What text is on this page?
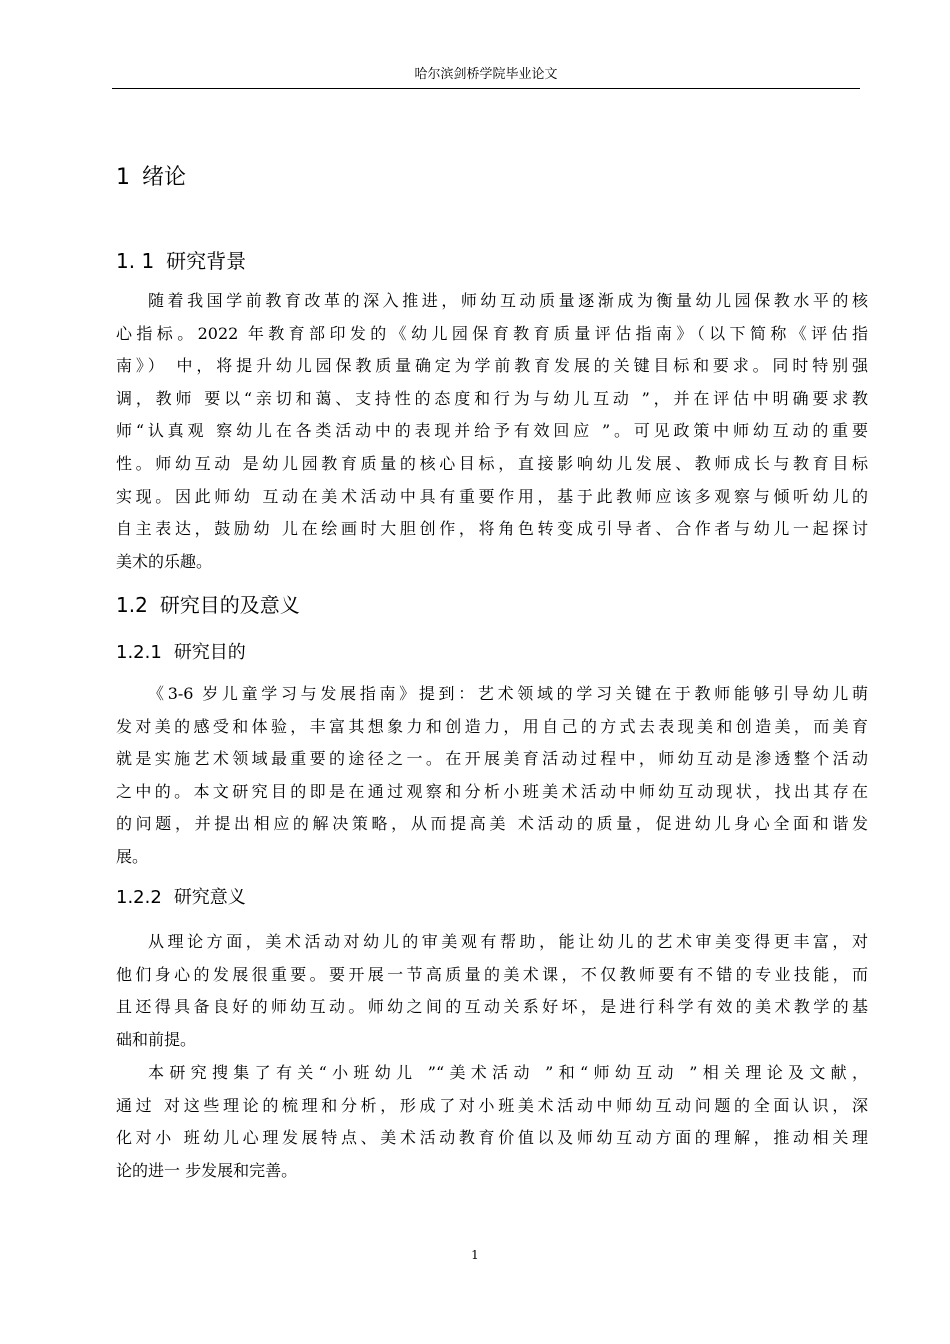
哈尔滨剑桥学院毕业论文
1 绪论
1. 1 研究背景
随着我国学前教育改革的深入推进，师幼互动质量逐渐成为衡量幼儿园保教水平的核
心指标。2022 年教育部印发的《幼儿园保育教育质量评估指南》（以下简称《评估指
南》） 中，将提升幼儿园保教质量确定为学前教育发展的关键目标和要求。同时特别强
调，教师 要以“亲切和蔼、支持性的态度和行为与幼儿互动 ”，并在评估中明确要求教
师“认真观 察幼儿在各类活动中的表现并给予有效回应 ”。可见政策中师幼互动的重要
性。师幼互动 是幼儿园教育质量的核心目标，直接影响幼儿发展、教师成长与教育目标
实现。因此师幼 互动在美术活动中具有重要作用，基于此教师应该多观察与倾听幼儿的
自主表达，鼓励幼 儿在绘画时大胆创作，将角色转变成引导者、合作者与幼儿一起探讨
美术的乐趣。
1.2 研究目的及意义
1.2.1 研究目的
《3-6 岁儿童学习与发展指南》提到：艺术领域的学习关键在于教师能够引导幼儿萌
发对美的感受和体验，丰富其想象力和创造力，用自己的方式去表现美和创造美，而美育
就是实施艺术领域最重要的途径之一。在开展美育活动过程中，师幼互动是渗透整个活动
之中的。本文研究目的即是在通过观察和分析小班美术活动中师幼互动现状，找出其存在
的问题，并提出相应的解决策略，从而提高美 术活动的质量，促进幼儿身心全面和谐发
展。
1.2.2 研究意义
从理论方面，美术活动对幼儿的审美观有帮助，能让幼儿的艺术审美变得更丰富，对
他们身心的发展很重要。要开展一节高质量的美术课，不仅教师要有不错的专业技能，而
且还得具备良好的师幼互动。师幼之间的互动关系好坏，是进行科学有效的美术教学的基
础和前提。
本研究搜集了有关“小班幼儿 ”“美术活动 ”和“师幼互动 ”相关理论及文献，
通过 对这些理论的梳理和分析，形成了对小班美术活动中师幼互动问题的全面认识，深
化对小 班幼儿心理发展特点、美术活动教育价值以及师幼互动方面的理解，推动相关理
论的进一 步发展和完善。
1
